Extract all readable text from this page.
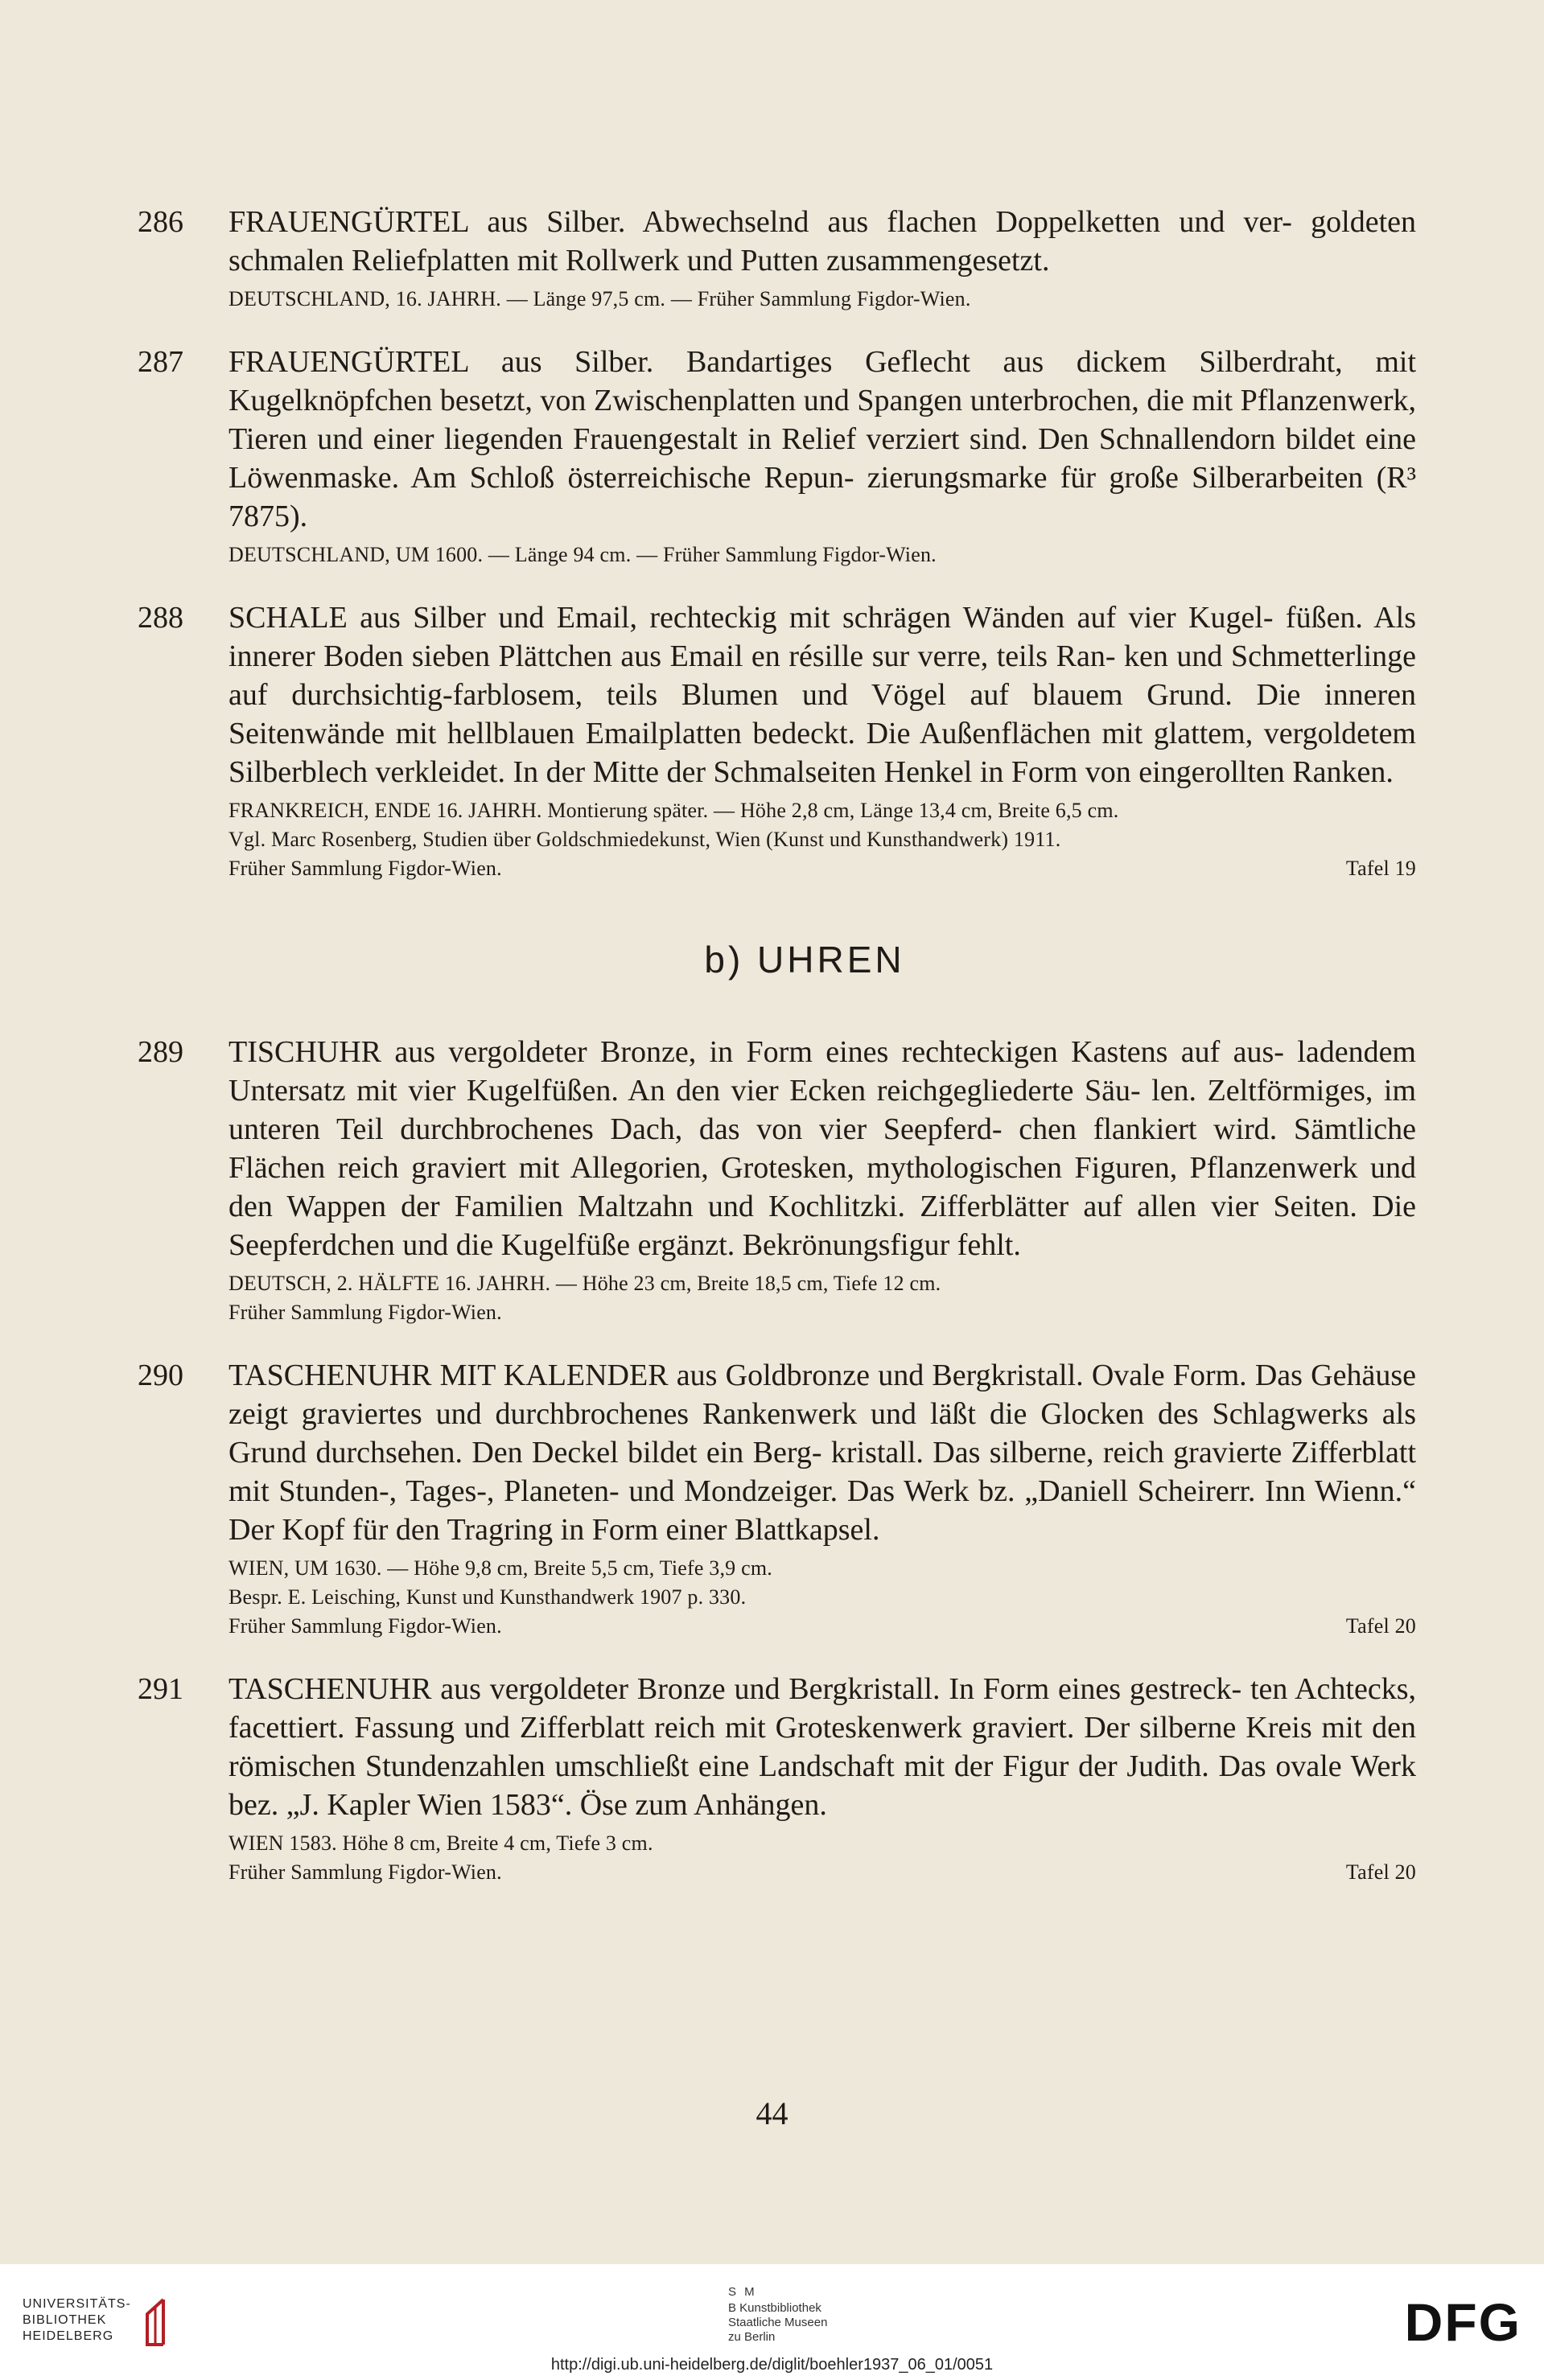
286 FRAUENGÜRTEL aus Silber. Abwechselnd aus flachen Doppelketten und ver- goldeten schmalen Reliefplatten mit Rollwerk und Putten zusammengesetzt.

DEUTSCHLAND, 16. JAHRH. — Länge 97,5 cm. — Früher Sammlung Figdor-Wien.
287 FRAUENGÜRTEL aus Silber. Bandartiges Geflecht aus dickem Silberdraht, mit Kugelknöpfchen besetzt, von Zwischenplatten und Spangen unterbrochen, die mit Pflanzenwerk, Tieren und einer liegenden Frauengestalt in Relief verziert sind. Den Schnallendorn bildet eine Löwenmaske. Am Schloß österreichische Repun- zierungsmarke für große Silberarbeiten (R³ 7875).

DEUTSCHLAND, UM 1600. — Länge 94 cm. — Früher Sammlung Figdor-Wien.
288 SCHALE aus Silber und Email, rechteckig mit schrägen Wänden auf vier Kugel- füßen. Als innerer Boden sieben Plättchen aus Email en résille sur verre, teils Ran- ken und Schmetterlinge auf durchsichtig-farblosem, teils Blumen und Vögel auf blauem Grund. Die inneren Seitenwände mit hellblauen Emailplatten bedeckt. Die Außenflächen mit glattem, vergoldetem Silberblech verkleidet. In der Mitte der Schmalseiten Henkel in Form von eingerollten Ranken.

FRANKREICH, ENDE 16. JAHRH. Montierung später. — Höhe 2,8 cm, Länge 13,4 cm, Breite 6,5 cm.
Vgl. Marc Rosenberg, Studien über Goldschmiedekunst, Wien (Kunst und Kunsthandwerk) 1911.
Früher Sammlung Figdor-Wien.	Tafel 19
b) UHREN
289 TISCHUHR aus vergoldeter Bronze, in Form eines rechteckigen Kastens auf aus- ladendem Untersatz mit vier Kugelfüßen. An den vier Ecken reichgegliederte Säu- len. Zeltförmiges, im unteren Teil durchbrochenes Dach, das von vier Seepferd- chen flankiert wird. Sämtliche Flächen reich graviert mit Allegorien, Grotesken, mythologischen Figuren, Pflanzenwerk und den Wappen der Familien Maltzahn und Kochlitzki. Zifferblätter auf allen vier Seiten. Die Seepferdchen und die Kugelfüße ergänzt. Bekrönungsfigur fehlt.

DEUTSCH, 2. HÄLFTE 16. JAHRH. — Höhe 23 cm, Breite 18,5 cm, Tiefe 12 cm.
Früher Sammlung Figdor-Wien.
290 TASCHENUHR MIT KALENDER aus Goldbronze und Bergkristall. Ovale Form. Das Gehäuse zeigt graviertes und durchbrochenes Rankenwerk und läßt die Glocken des Schlagwerks als Grund durchsehen. Den Deckel bildet ein Berg- kristall. Das silberne, reich gravierte Zifferblatt mit Stunden-, Tages-, Planeten- und Mondzeiger. Das Werk bz. „Daniell Scheirerr. Inn Wienn.“ Der Kopf für den Tragring in Form einer Blattkapsel.

WIEN, UM 1630. — Höhe 9,8 cm, Breite 5,5 cm, Tiefe 3,9 cm.
Bespr. E. Leisching, Kunst und Kunsthandwerk 1907 p. 330.
Früher Sammlung Figdor-Wien.	Tafel 20
291 TASCHENUHR aus vergoldeter Bronze und Bergkristall. In Form eines gestreck- ten Achtecks, facettiert. Fassung und Zifferblatt reich mit Groteskenwerk graviert. Der silberne Kreis mit den römischen Stundenzahlen umschließt eine Landschaft mit der Figur der Judith. Das ovale Werk bez. „J. Kapler Wien 1583“. Öse zum Anhängen.

WIEN 1583. Höhe 8 cm, Breite 4 cm, Tiefe 3 cm.
Früher Sammlung Figdor-Wien.	Tafel 20
44
UNIVERSITÄTS-
BIBLIOTHEK
HEIDELBERG
S M
B Kunstbibliothek
Staatliche Museen
zu Berlin	DFG
http://digi.ub.uni-heidelberg.de/diglit/boehler1937_06_01/0051
